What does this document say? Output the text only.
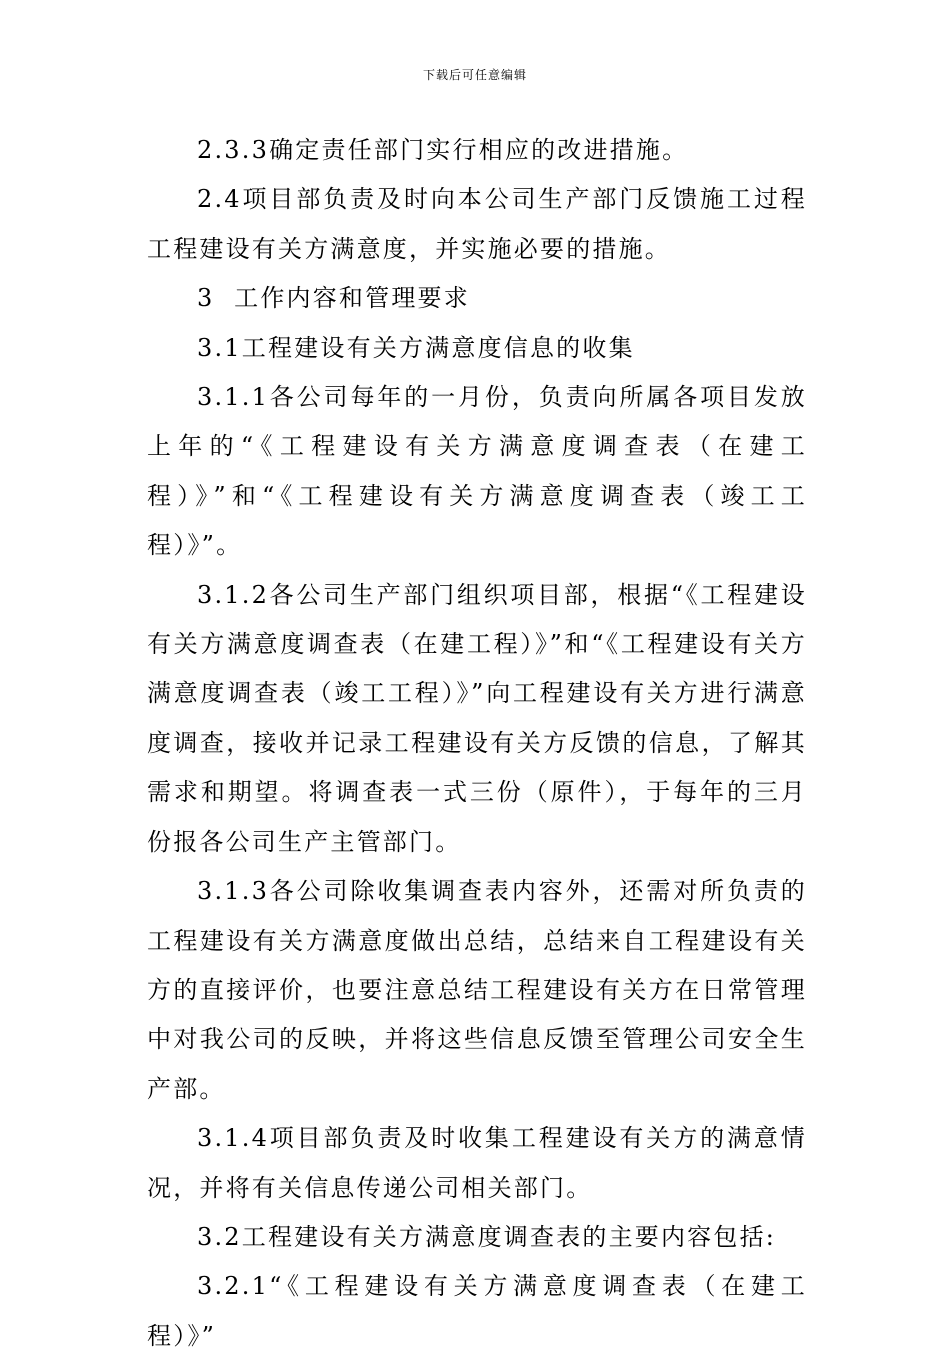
下载后可任意编辑

2.3.3确定责任部门实行相应的改进措施。

2.4项目部负责及时向本公司生产部门反馈施工过程工程建设有关方满意度，并实施必要的措施。

3  工作内容和管理要求

3.1工程建设有关方满意度信息的收集

3.1.1各公司每年的一月份，负责向所属各项目发放上年的“《工程建设有关方满意度调查表（在建工程）》”和“《工程建设有关方满意度调查表（竣工工程）》”。

3.1.2各公司生产部门组织项目部，根据“《工程建设有关方满意度调查表（在建工程）》”和“《工程建设有关方满意度调查表（竣工工程）》”向工程建设有关方进行满意度调查，接收并记录工程建设有关方反馈的信息，了解其需求和期望。将调查表一式三份（原件），于每年的三月份报各公司生产主管部门。

3.1.3各公司除收集调查表内容外，还需对所负责的工程建设有关方满意度做出总结，总结来自工程建设有关方的直接评价，也要注意总结工程建设有关方在日常管理中对我公司的反映，并将这些信息反馈至管理公司安全生产部。

3.1.4项目部负责及时收集工程建设有关方的满意情况，并将有关信息传递公司相关部门。

3.2工程建设有关方满意度调查表的主要内容包括:

3.2.1“《工程建设有关方满意度调查表（在建工程）》”
